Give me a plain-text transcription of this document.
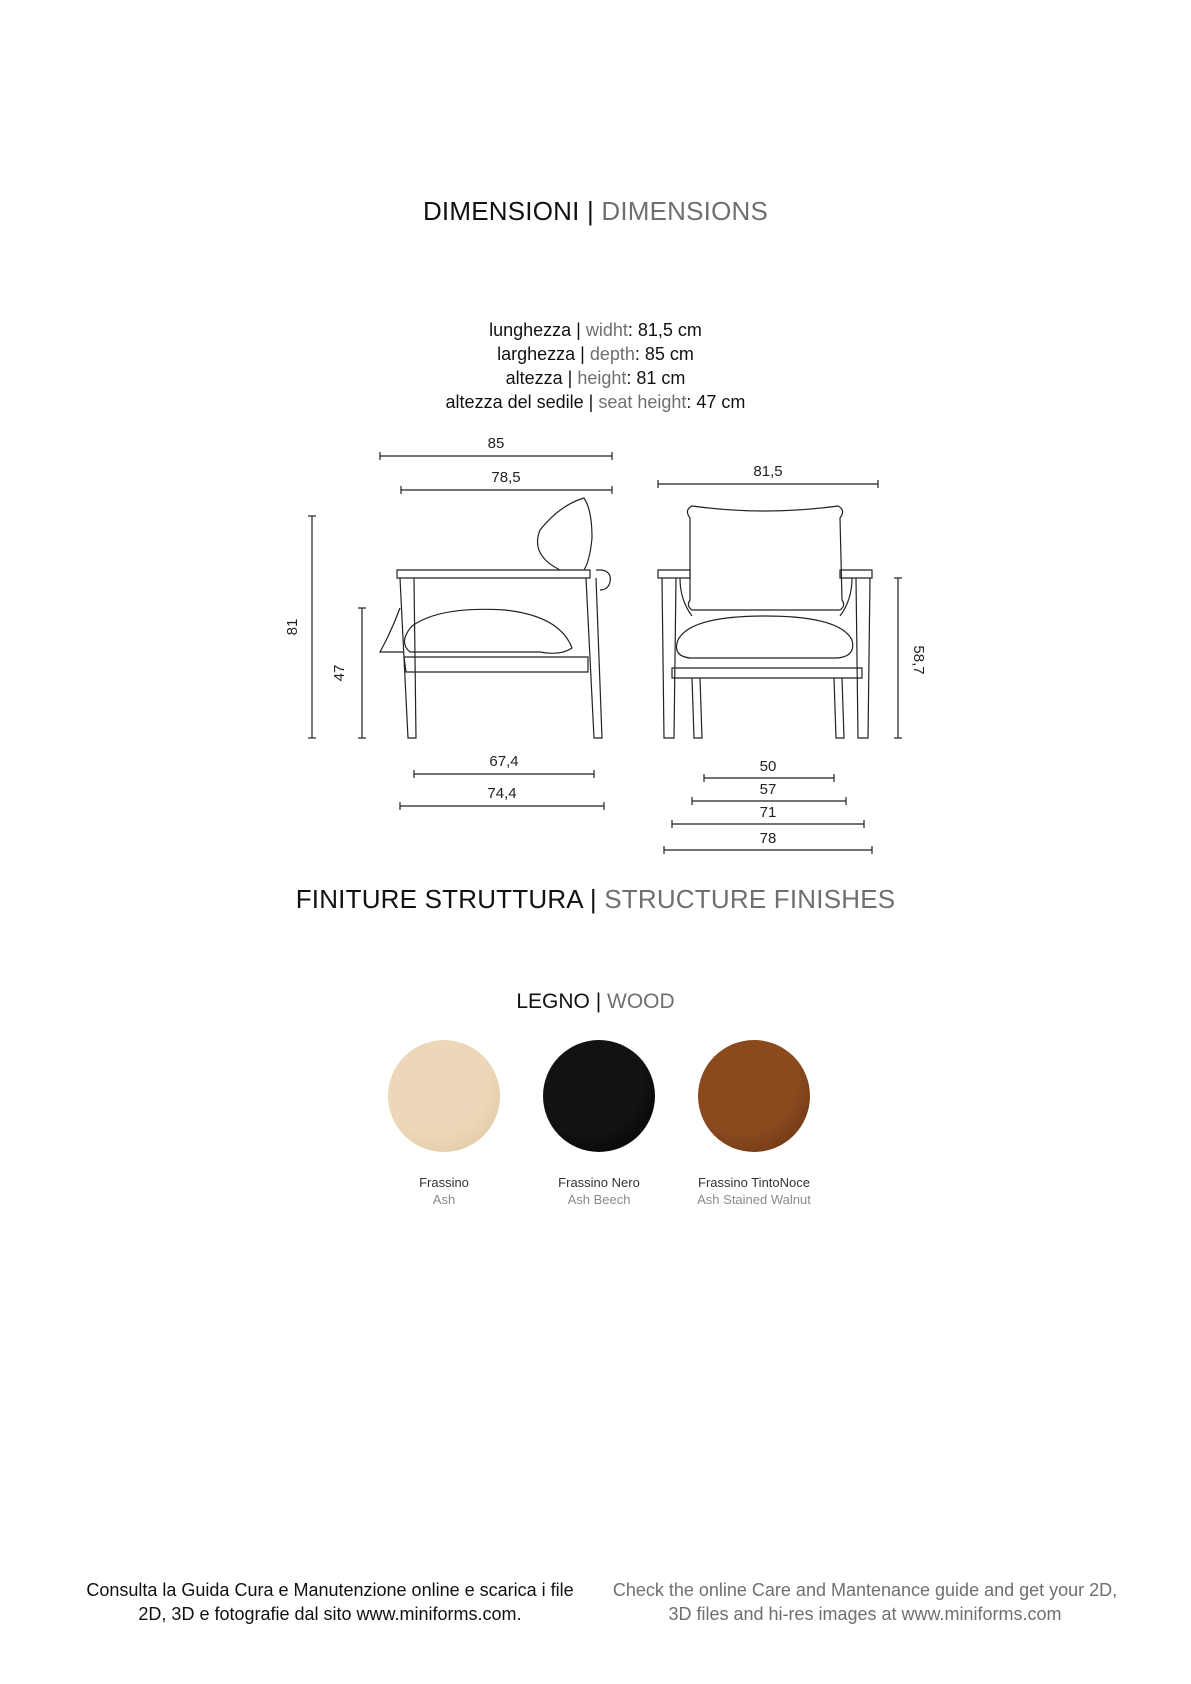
DIMENSIONI | DIMENSIONS
lunghezza | widht: 81,5 cm
larghezza | depth: 85 cm
altezza | height: 81 cm
altezza del sedile | seat height: 47 cm
85
78,5
81
47
67,4
74,4
81,5
58,7
50
57
71
78
FINITURE STRUTTURA | STRUCTURE FINISHES
LEGNO | WOOD
Frassino
Ash
Frassino Nero
Ash Beech
Frassino TintoNoce
Ash Stained Walnut
Consulta la Guida Cura e Manutenzione online e scarica i file 2D, 3D e fotografie dal sito www.miniforms.com.
Check the online Care and Mantenance guide and get your 2D, 3D files and hi-res images at www.miniforms.com
